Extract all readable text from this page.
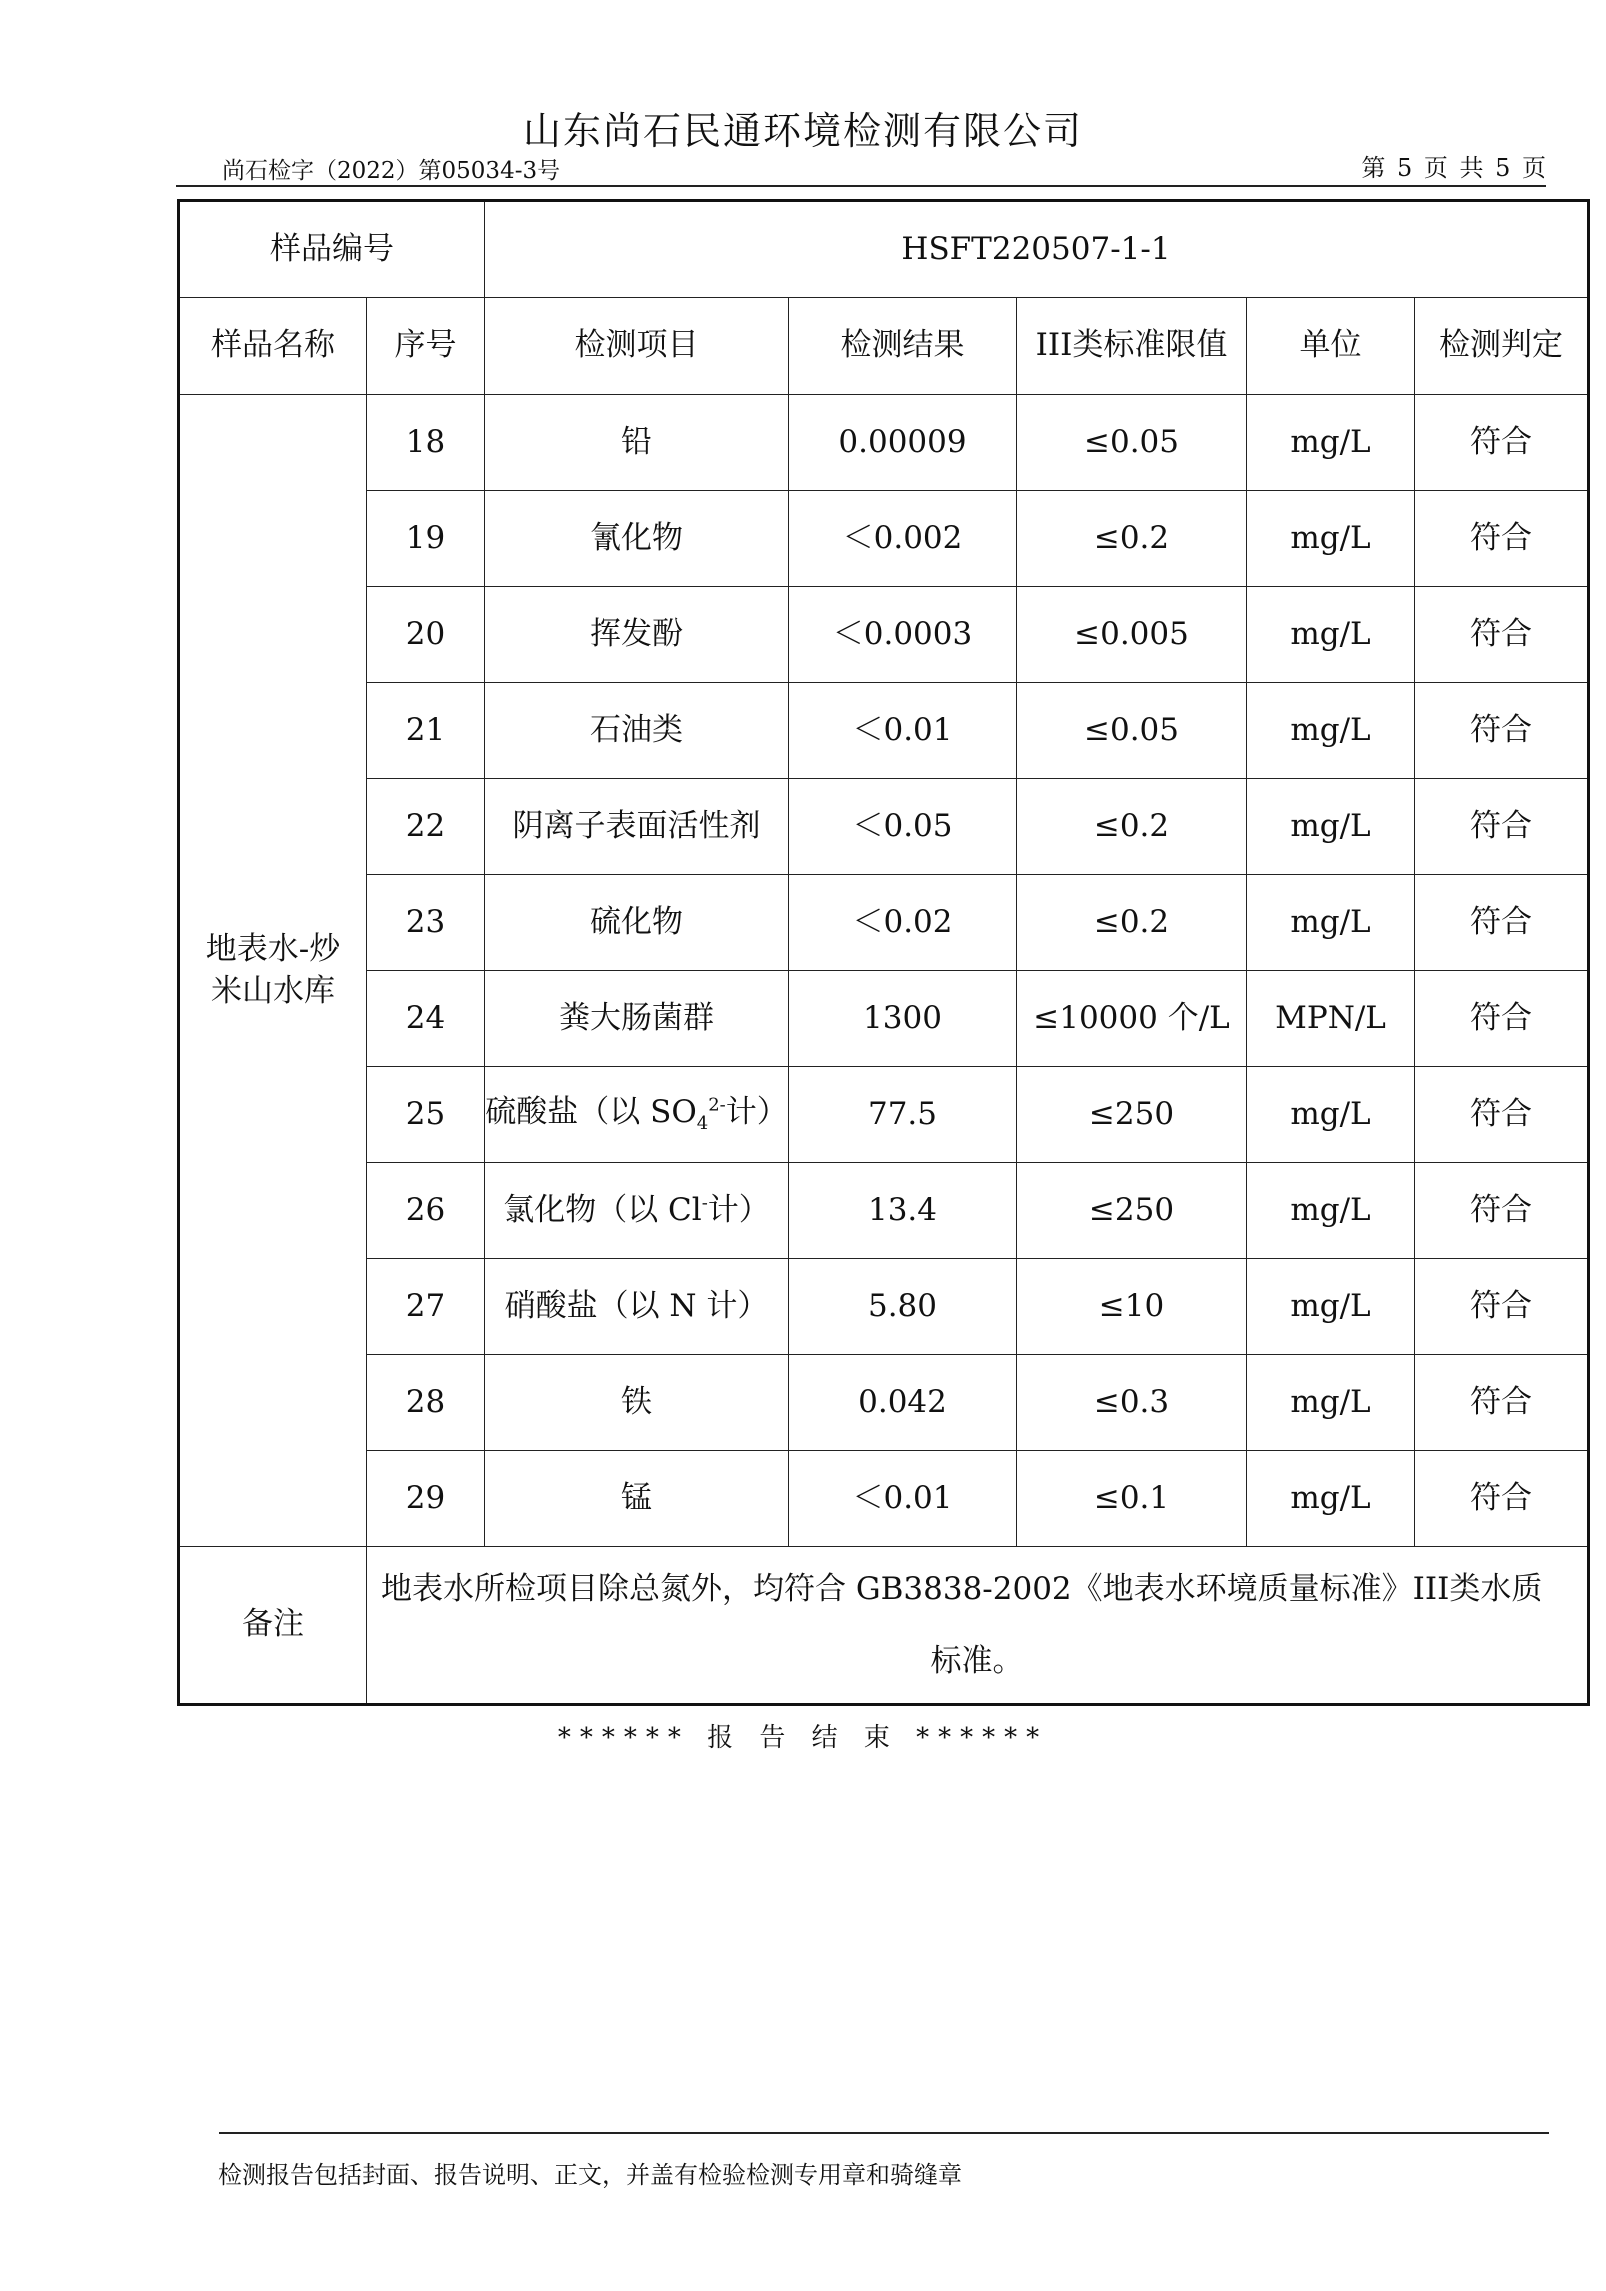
山东尚石民通环境检测有限公司
尚石检字（2022）第05034-3号	第 5 页 共 5 页
样品编号		HSFT220507-1-1				
样品名称	序号	检测项目	检测结果	III类标准限值	单位	检测判定
地表水-炒
米山水库	18	铅	0.00009	≤0.05	mg/L	符合
	19	氰化物	＜0.002	≤0.2	mg/L	符合
	20	挥发酚	＜0.0003	≤0.005	mg/L	符合
	21	石油类	＜0.01	≤0.05	mg/L	符合
	22	阴离子表面活性剂	＜0.05	≤0.2	mg/L	符合
	23	硫化物	＜0.02	≤0.2	mg/L	符合
	24	粪大肠菌群	1300	≤10000 个/L	MPN/L	符合
	25	硫酸盐（以 $SO_4^{2-}$计）	77.5	≤250	mg/L	符合
	26	氯化物（以 Cl-计）	13.4	≤250	mg/L	符合
	27	硝酸盐（以 N 计）	5.80	≤10	mg/L	符合
	28	铁	0.042	≤0.3	mg/L	符合
	29	锰	＜0.01	≤0.1	mg/L	符合
备注	地表水所检项目除总氮外，均符合 GB3838-2002《地表水环境质量标准》III类水质
标准。					
****** 报 告 结 束 ******
检测报告包括封面、报告说明、正文，并盖有检验检测专用章和骑缝章
